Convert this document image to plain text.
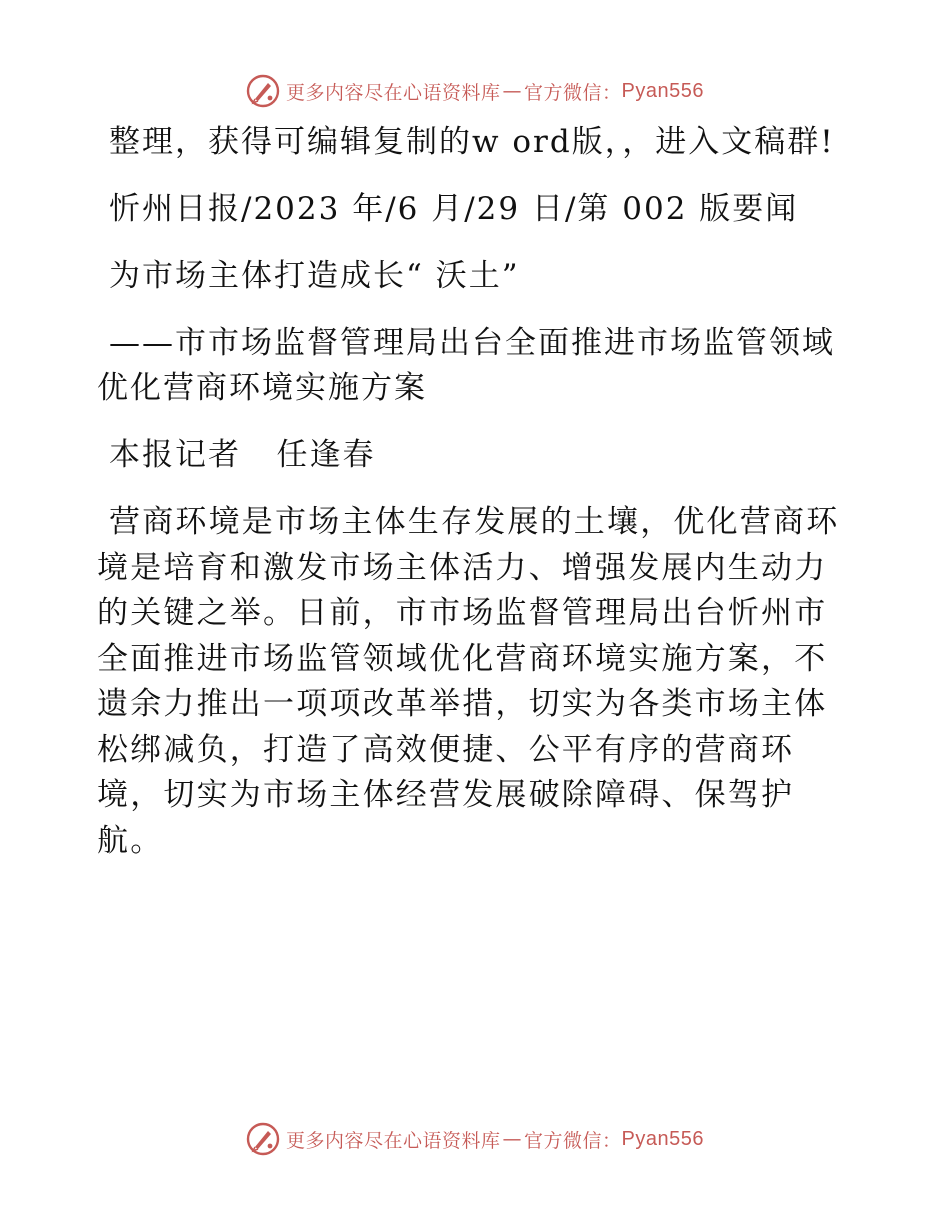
更多内容尽在心语资料库 — 官方微信： Pyan556

整理，获得可编辑复制的w ord版，，进入文稿群!

忻州日报/2023 年/6 月/29 日/第 002 版要闻

为市场主体打造成长“ 沃土”

——市市场监督管理局出台全面推进市场监管领域优化营商环境实施方案

本报记者   任逢春

营商环境是市场主体生存发展的土壤，优化营商环境是培育和激发市场主体活力、增强发展内生动力的关键之举。日前，市市场监督管理局出台忻州市全面推进市场监管领域优化营商环境实施方案，不遗余力推出一项项改革举措，切实为各类市场主体松绑减负，打造了高效便捷、公平有序的营商环境，切实为市场主体经营发展破除障碍、保驾护航。

更多内容尽在心语资料库 — 官方微信： Pyan556
